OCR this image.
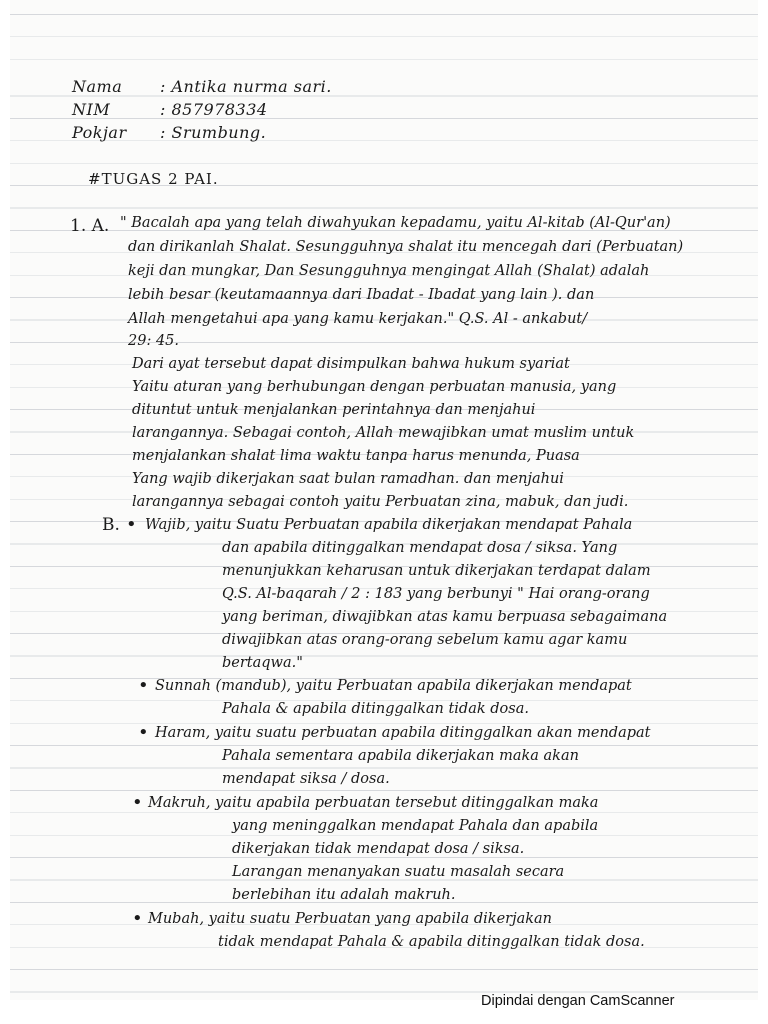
Nama : Antika nurma sari.
NIM	: 857978334
Pokjar : Srumbung.
#TUGAS 2 PAI.
1. A. " Bacalah apa yang telah diwahyukan kepadamu, yaitu Al-kitab (Al-Qur'an)
dan dirikanlah Shalat. Sesungguhnya shalat itu mencegah dari (Perbuatan)
keji dan mungkar, Dan Sesungguhnya mengingat Allah (Shalat) adalah
lebih besar (keutamaannya dari Ibadat - Ibadat yang lain ). dan
Allah mengetahui apa yang kamu kerjakan." Q.S. Al - ankabut/
29: 45.
Dari ayat tersebut dapat disimpulkan bahwa hukum syariat
Yaitu aturan yang berhubungan dengan perbuatan manusia, yang
dituntut untuk menjalankan perintahnya dan menjahui
larangannya. Sebagai contoh, Allah mewajibkan umat muslim untuk
menjalankan shalat lima waktu tanpa harus menunda, Puasa
Yang wajib dikerjakan saat bulan ramadhan. dan menjahui
larangannya sebagai contoh yaitu Perbuatan zina, mabuk, dan judi.
B. • Wajib, yaitu Suatu Perbuatan apabila dikerjakan mendapat Pahala
dan apabila ditinggalkan mendapat dosa / siksa. Yang
menunjukkan keharusan untuk dikerjakan terdapat dalam
Q.S. Al-baqarah / 2 : 183 yang berbunyi " Hai orang-orang
yang beriman, diwajibkan atas kamu berpuasa sebagaimana
diwajibkan atas orang-orang sebelum kamu agar kamu
bertaqwa."
• Sunnah (mandub), yaitu Perbuatan apabila dikerjakan mendapat
Pahala & apabila ditinggalkan tidak dosa.
• Haram, yaitu suatu perbuatan apabila ditinggalkan akan mendapat
Pahala sementara apabila dikerjakan maka akan
mendapat siksa / dosa.
• Makruh, yaitu apabila perbuatan tersebut ditinggalkan maka
yang meninggalkan mendapat Pahala dan apabila
dikerjakan tidak mendapat dosa / siksa.
Larangan menanyakan suatu masalah secara
berlebihan itu adalah makruh.
• Mubah, yaitu suatu Perbuatan yang apabila dikerjakan
tidak mendapat Pahala & apabila ditinggalkan tidak dosa.
Dipindai dengan CamScanner
